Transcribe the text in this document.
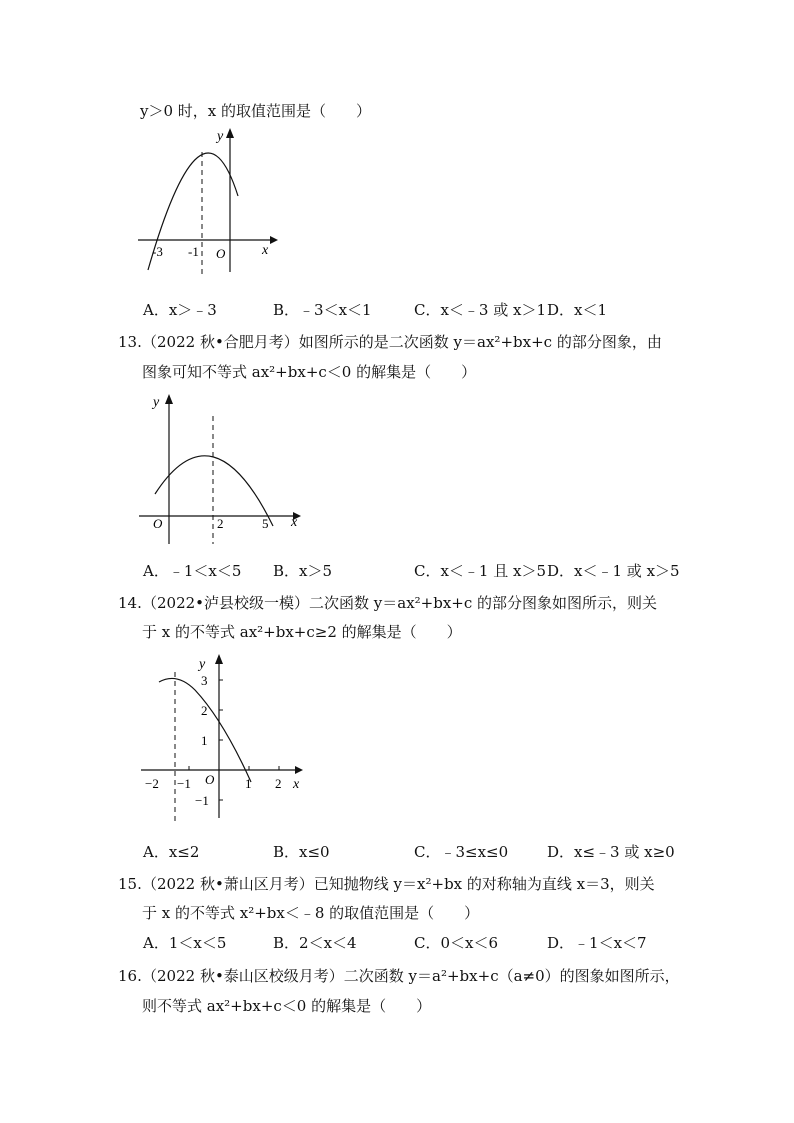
y＞0 时，x 的取值范围是（　　）
x
y
O
-3 -1
A．x＞﹣3	B．﹣3＜x＜1	C．x＜﹣3 或 x＞1 D．x＜1
13. （2022 秋•合肥月考）如图所示的是二次函数 y＝ax²+bx+c 的部分图象，由
图象可知不等式 ax²+bx+c＜0 的解集是（　　）
x
y
O	2	5
A．﹣1＜x＜5 B．x＞5	C．x＜﹣1 且 x＞5 D．x＜﹣1 或 x＞5
14. （2022•泸县校级一模）二次函数 y＝ax²+bx+c 的部分图象如图所示，则关
于 x 的不等式 ax²+bx+c≥2 的解集是（　　）
x
y
O
−2 −1	1 2
3
2
1
−1
A．x≤2	B．x≤0	C．﹣3≤x≤0	D．x≤﹣3 或 x≥0
15. （2022 秋•萧山区月考）已知抛物线 y＝x²+bx 的对称轴为直线 x＝3，则关
于 x 的不等式 x²+bx＜﹣8 的取值范围是（　　）
A．1＜x＜5	B．2＜x＜4	C．0＜x＜6	D．﹣1＜x＜7
16. （2022 秋•泰山区校级月考）二次函数 y＝a²+bx+c（a≠0）的图象如图所示，
则不等式 ax²+bx+c＜0 的解集是（　　）
